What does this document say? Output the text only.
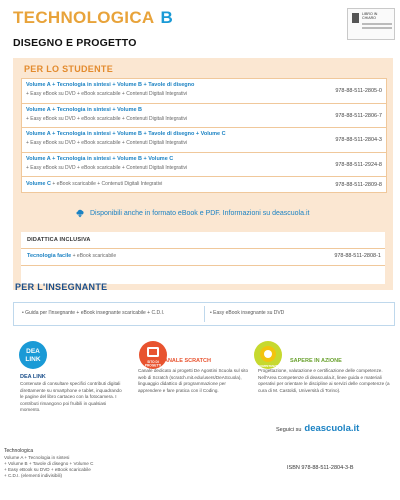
TECHNOLOGICA B
DISEGNO E PROGETTO
LIBRO IN CHIARO
PER LO STUDENTE
Volume A + Tecnologia in sintesi + Volume B + Tavole di disegno
+ Easy eBook su DVD + eBook scaricabile + Contenuti Digitali Integrativi	978-88-511-2805-0
Volume A + Tecnologia in sintesi + Volume B
+ Easy eBook su DVD + eBook scaricabile + Contenuti Digitali Integrativi	978-88-511-2806-7
Volume A + Tecnologia in sintesi + Volume B + Tavole di disegno + Volume C
+ Easy eBook su DVD + eBook scaricabile + Contenuti Digitali Integrativi	978-88-511-2804-3
Volume A + Tecnologia in sintesi + Volume B + Volume C
+ Easy eBook su DVD + eBook scaricabile + Contenuti Digitali Integrativi	978-88-511-2924-8
Volume C + eBook scaricabile + Contenuti Digitali Integrativi	978-88-511-2809-8
Disponibili anche in formato eBook e PDF. Informazioni su deascuola.it
DIDATTICA INCLUSIVA
Tecnologia facile + eBook scaricabile	978-88-511-2808-1
PER L'INSEGNANTE
• Guida per l'insegnante + eBook insegnante scaricabile + C.D.I.	• Easy eBook insegnante su DVD
DEA
LINK
DEA LINK
Contenute di consultare specifici contributi digitali direttamente su smartphone e tablet, inquadrando le pagine del libro cartaceo con la fotocamera. I contributi rimangono poi fruibili in qualsiasi momento.
SITO DI
PROGETTI
CANALE SCRATCH
Canale dedicato ai progetti De Agostini Scuola sul sito web di Scratch (scratch.mit.edu/users/DeAScuola), linguaggio didattico di programmazione per apprendere e fare pratica con il Coding.
COMPETENZE
SAPERE IN AZIONE
Progettazione, valutazione e certificazione delle competenze. Nell'Area Competenze di deascuola.it, linee guida e materiali operativi per orientare le discipline ai servizi delle competenze (a cura di M. Castoldi, Università di Torino).
Seguici su deascuola.it
Technologica
Volume A + Tecnologia in sintesi
+ Volume B + Tavole di disegno + Volume C
+ Easy eBook su DVD + eBook scaricabile
+ C.D.I. (elementi indivisibili)
ISBN 978-88-511-2804-3-B
